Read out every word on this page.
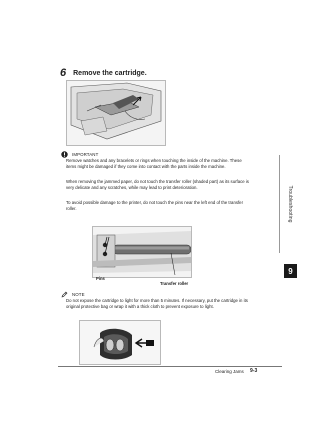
6 Remove the cartridge.
IMPORTANT

Remove watches and any bracelets or rings when touching the inside of the machine. These items might be damaged if they come into contact with the parts inside the machine.

When removing the jammed paper, do not touch the transfer roller (shaded part) as its surface is very delicate and any scratches, while may lead to print deterioration.

To avoid possible damage to the printer, do not touch the pins near the left end of the transfer roller.

Pins
Transfer roller
NOTE

Do not expose the cartridge to light for more than 5 minutes. If necessary, put the cartridge in its original protective bag or wrap it with a thick cloth to prevent exposure to light.

Troubleshooting
9
Clearing Jams 9-3
